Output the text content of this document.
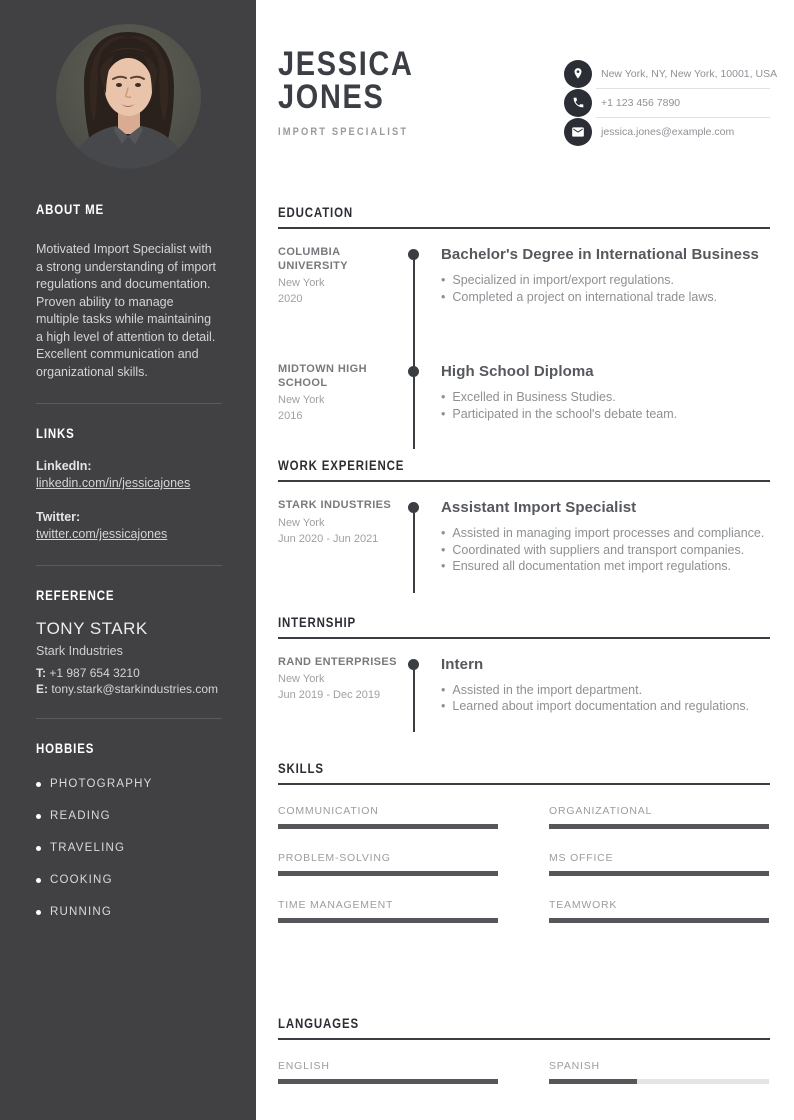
ABOUT ME

Motivated Import Specialist with a strong understanding of import regulations and documentation. Proven ability to manage multiple tasks while maintaining a high level of attention to detail. Excellent communication and organizational skills.

LINKS
LinkedIn:
linkedin.com/in/jessicajones
Twitter:
twitter.com/jessicajones
REFERENCE
TONY STARK
Stark Industries
T: +1 987 654 3210
E: tony.stark@starkindustries.com
HOBBIES
PHOTOGRAPHY
READING
TRAVELING
COOKING
RUNNING
JESSICA
JONES
IMPORT SPECIALIST
New York, NY, New York, 10001, USA
+1 123 456 7890
jessica.jones@example.com
EDUCATION
COLUMBIA UNIVERSITY
New York
2020
Bachelor's Degree in International Business
• Specialized in import/export regulations.
• Completed a project on international trade laws.
MIDTOWN HIGH SCHOOL
New York
2016
High School Diploma
• Excelled in Business Studies.
• Participated in the school's debate team.
WORK EXPERIENCE
STARK INDUSTRIES
New York
Jun 2020 - Jun 2021
Assistant Import Specialist
• Assisted in managing import processes and compliance.
• Coordinated with suppliers and transport companies.
• Ensured all documentation met import regulations.
INTERNSHIP
RAND ENTERPRISES
New York
Jun 2019 - Dec 2019
Intern
• Assisted in the import department.
• Learned about import documentation and regulations.
SKILLS
COMMUNICATION	ORGANIZATIONAL
PROBLEM-SOLVING	MS OFFICE
TIME MANAGEMENT	TEAMWORK
LANGUAGES
ENGLISH	SPANISH
